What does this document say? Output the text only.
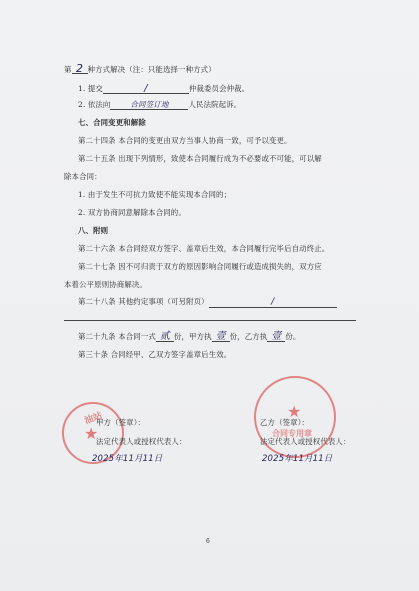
第 2 种方式解决（注：只能选择一种方式）
1. 提交	/	仲裁委员会仲裁。
2. 依法向	合同签订地	人民法院起诉。
七、合同变更和解除
第二十四条 本合同的变更由双方当事人协商一致，可予以变更。
第二十五条 出现下列情形，致使本合同履行成为不必要或不可能，可以解
除本合同：
1. 由于发生不可抗力致使不能实现本合同的；
2. 双方协商同意解除本合同的。
八、附则
第二十六条 本合同经双方签字、盖章后生效，本合同履行完毕后自动终止。
第二十七条 因不可归责于双方的原因影响合同履行或造成损失的，双方应
本着公平原则协商解决。
第二十八条 其他约定事项（可另附页）	/
第二十九条 本合同一式 贰 份，甲方执 壹 份，乙方执 壹 份。
第三十条 合同经甲、乙双方签字盖章后生效。
油站
★
★
合同专用章
甲方（签章）：
法定代表人或授权代表人：
2025年11月11日
乙方（签章）：
法定代表人或授权代表人：
2025年11月11日
6
